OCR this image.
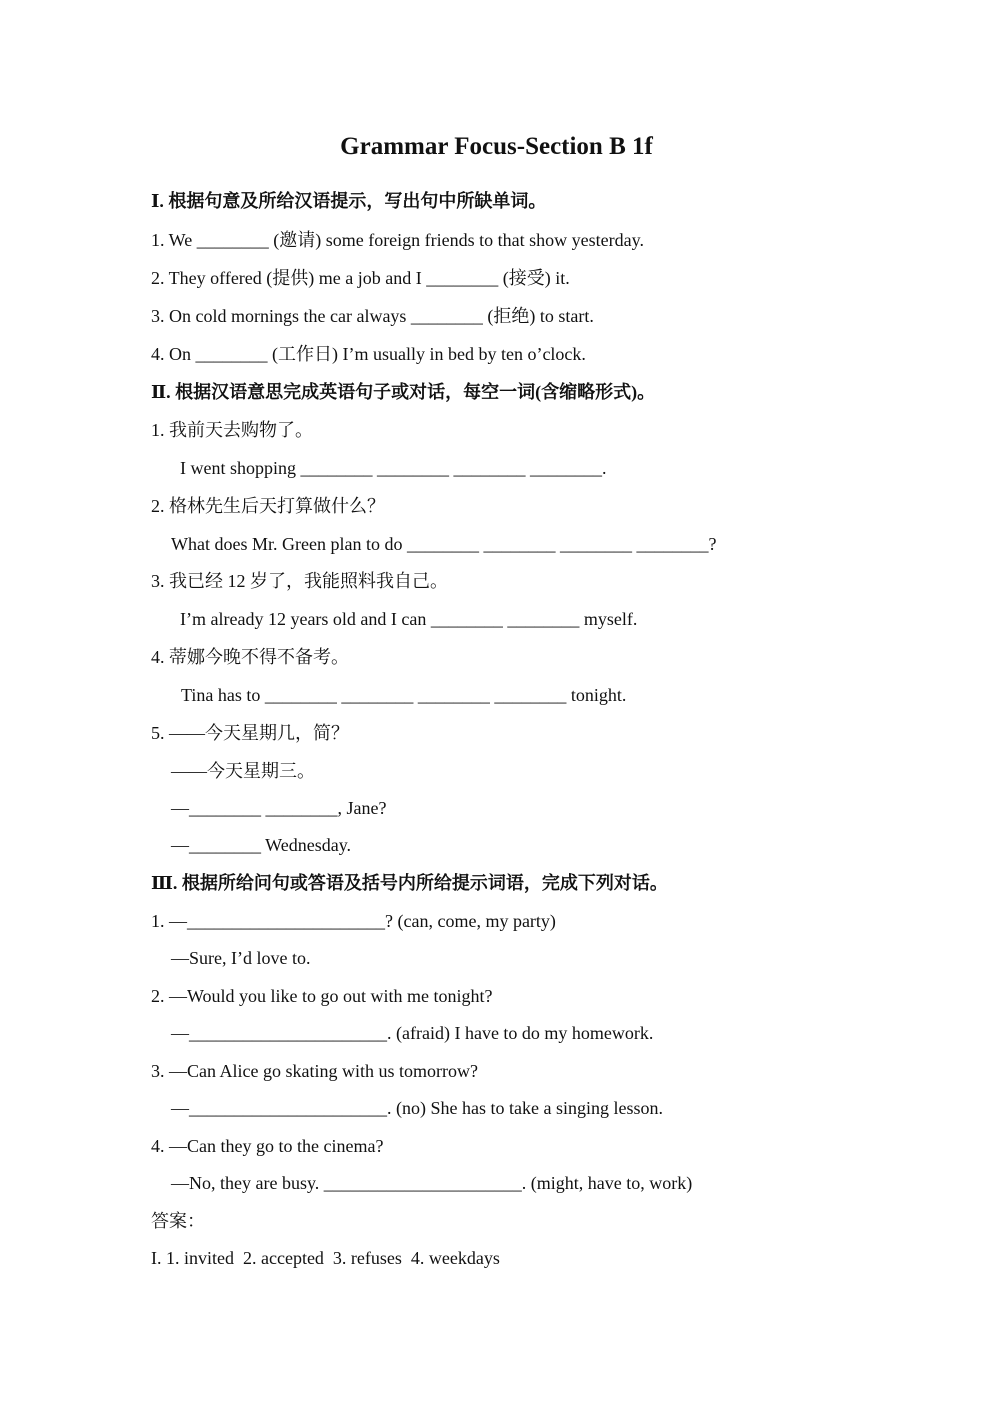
Grammar Focus-Section B 1f
Ⅰ. 根据句意及所给汉语提示，写出句中所缺单词。
1. We ________ (邀请) some foreign friends to that show yesterday.
2. They offered (提供) me a job and I ________ (接受) it.
3. On cold mornings the car always ________ (拒绝) to start.
4. On ________ (工作日) I’m usually in bed by ten o’clock.
Ⅱ. 根据汉语意思完成英语句子或对话，每空一词(含缩略形式)。
1. 我前天去购物了。
I went shopping ________ ________ ________ ________.
2. 格林先生后天打算做什么？
What does Mr. Green plan to do ________ ________ ________ ________?
3. 我已经 12 岁了，我能照料我自己。
I’m already 12 years old and I can ________ ________ myself.
4. 蒂娜今晚不得不备考。
Tina has to ________ ________ ________ ________ tonight.
5. ——今天星期几，简？
——今天星期三。
—________ ________, Jane?
—________ Wednesday.
Ⅲ. 根据所给问句或答语及括号内所给提示词语，完成下列对话。
1. —______________________? (can, come, my party)
—Sure, I’d love to.
2. —Would you like to go out with me tonight?
—______________________. (afraid) I have to do my homework.
3. —Can Alice go skating with us tomorrow?
—______________________. (no) She has to take a singing lesson.
4. —Can they go to the cinema?
—No, they are busy. ______________________. (might, have to, work)
答案：
I. 1. invited  2. accepted  3. refuses  4. weekdays
